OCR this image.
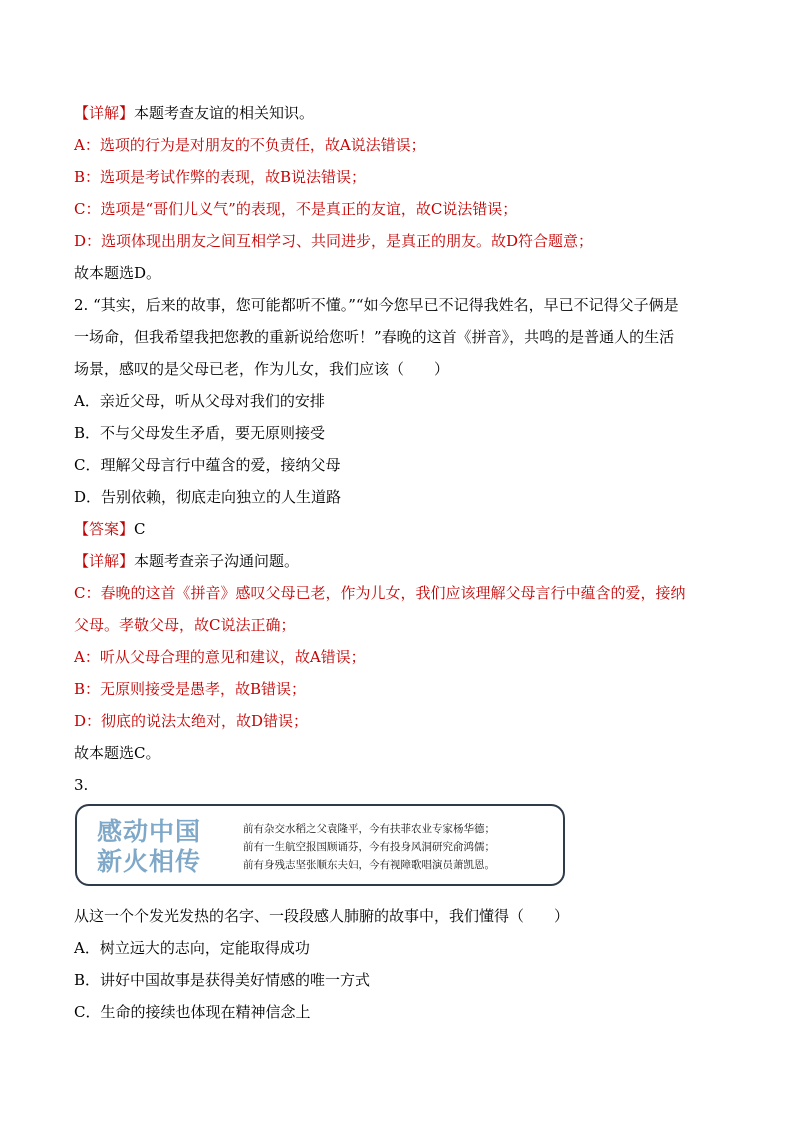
【详解】本题考查友谊的相关知识。
A：选项的行为是对朋友的不负责任，故A说法错误；
B：选项是考试作弊的表现，故B说法错误；
C：选项是“哥们儿义气”的表现，不是真正的友谊，故C说法错误；
D：选项体现出朋友之间互相学习、共同进步，是真正的朋友。故D符合题意；
故本题选D。
2. “其实，后来的故事，您可能都听不懂。”“如今您早已不记得我姓名，早已不记得父子俩是
一场命，但我希望我把您教的重新说给您听！”春晚的这首《拼音》，共鸣的是普通人的生活
场景，感叹的是父母已老，作为儿女，我们应该（　　）
A．亲近父母，听从父母对我们的安排
B．不与父母发生矛盾，要无原则接受
C．理解父母言行中蕴含的爱，接纳父母
D．告别依赖，彻底走向独立的人生道路
【答案】C
【详解】本题考查亲子沟通问题。
C：春晚的这首《拼音》感叹父母已老，作为儿女，我们应该理解父母言行中蕴含的爱，接纳
父母。孝敬父母，故C说法正确；
A：听从父母合理的意见和建议，故A错误；
B：无原则接受是愚孝，故B错误；
D：彻底的说法太绝对，故D错误；
故本题选C。
3.
感动中国
新火相传
前有杂交水稻之父袁隆平，今有扶菲农业专家杨华德；
前有一生航空报国顾诵芬，今有投身风洞研究俞鸿儒；
前有身残志坚张顺东夫妇，今有视障歌唱演员萧凯恩。
从这一个个发光发热的名字、一段段感人肺腑的故事中，我们懂得（　　）
A．树立远大的志向，定能取得成功
B．讲好中国故事是获得美好情感的唯一方式
C．生命的接续也体现在精神信念上
